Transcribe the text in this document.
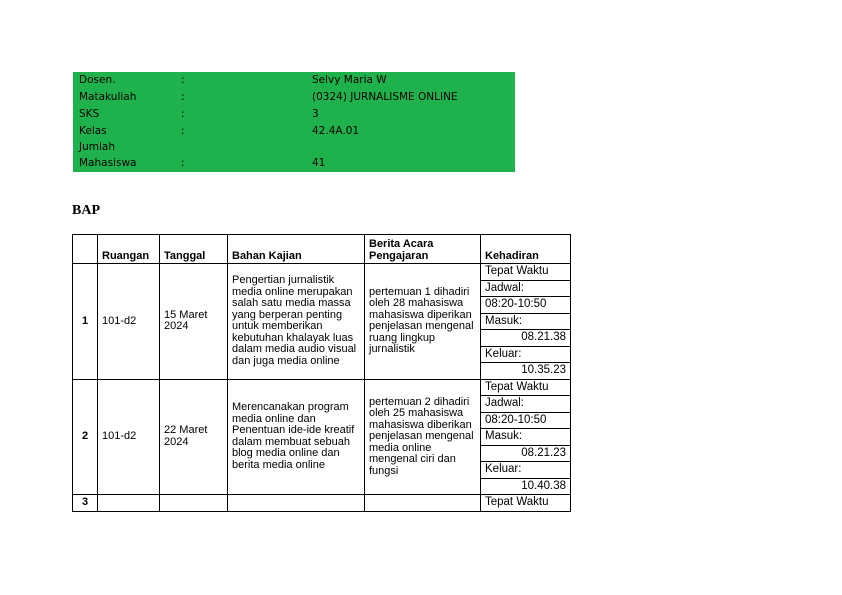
Dosen.	:	Selvy Maria W
Matakuliah	:	(0324) JURNALISME ONLINE
SKS	:	3
Kelas	:	42.4A.01
Jumlah
Mahasiswa	:	41
BAP
	Ruangan	Tanggal	Bahan Kajian	Berita Acara Pengajaran	Kehadiran
1	101-d2	15 Maret 2024	Pengertian jurnalistik media online merupakan salah satu media massa yang berperan penting untuk memberikan kebutuhan khalayak luas dalam media audio visual dan juga media online	pertemuan 1 dihadiri oleh 28 mahasiswa mahasiswa diperikan penjelasan mengenal ruang lingkup jurnalistik	Tepat Waktu
					Jadwal:
					08:20-10:50
					Masuk:
					08.21.38
					Keluar:
					10.35.23
2	101-d2	22 Maret 2024	Merencanakan program media online dan Penentuan ide-ide kreatif dalam membuat sebuah blog media online dan berita media online	pertemuan 2 dihadiri oleh 25 mahasiswa mahasiswa diberikan penjelasan mengenal media online mengenal ciri dan fungsi	Tepat Waktu
					Jadwal:
					08:20-10:50
					Masuk:
					08.21.23
					Keluar:
					10.40.38
3					Tepat Waktu
